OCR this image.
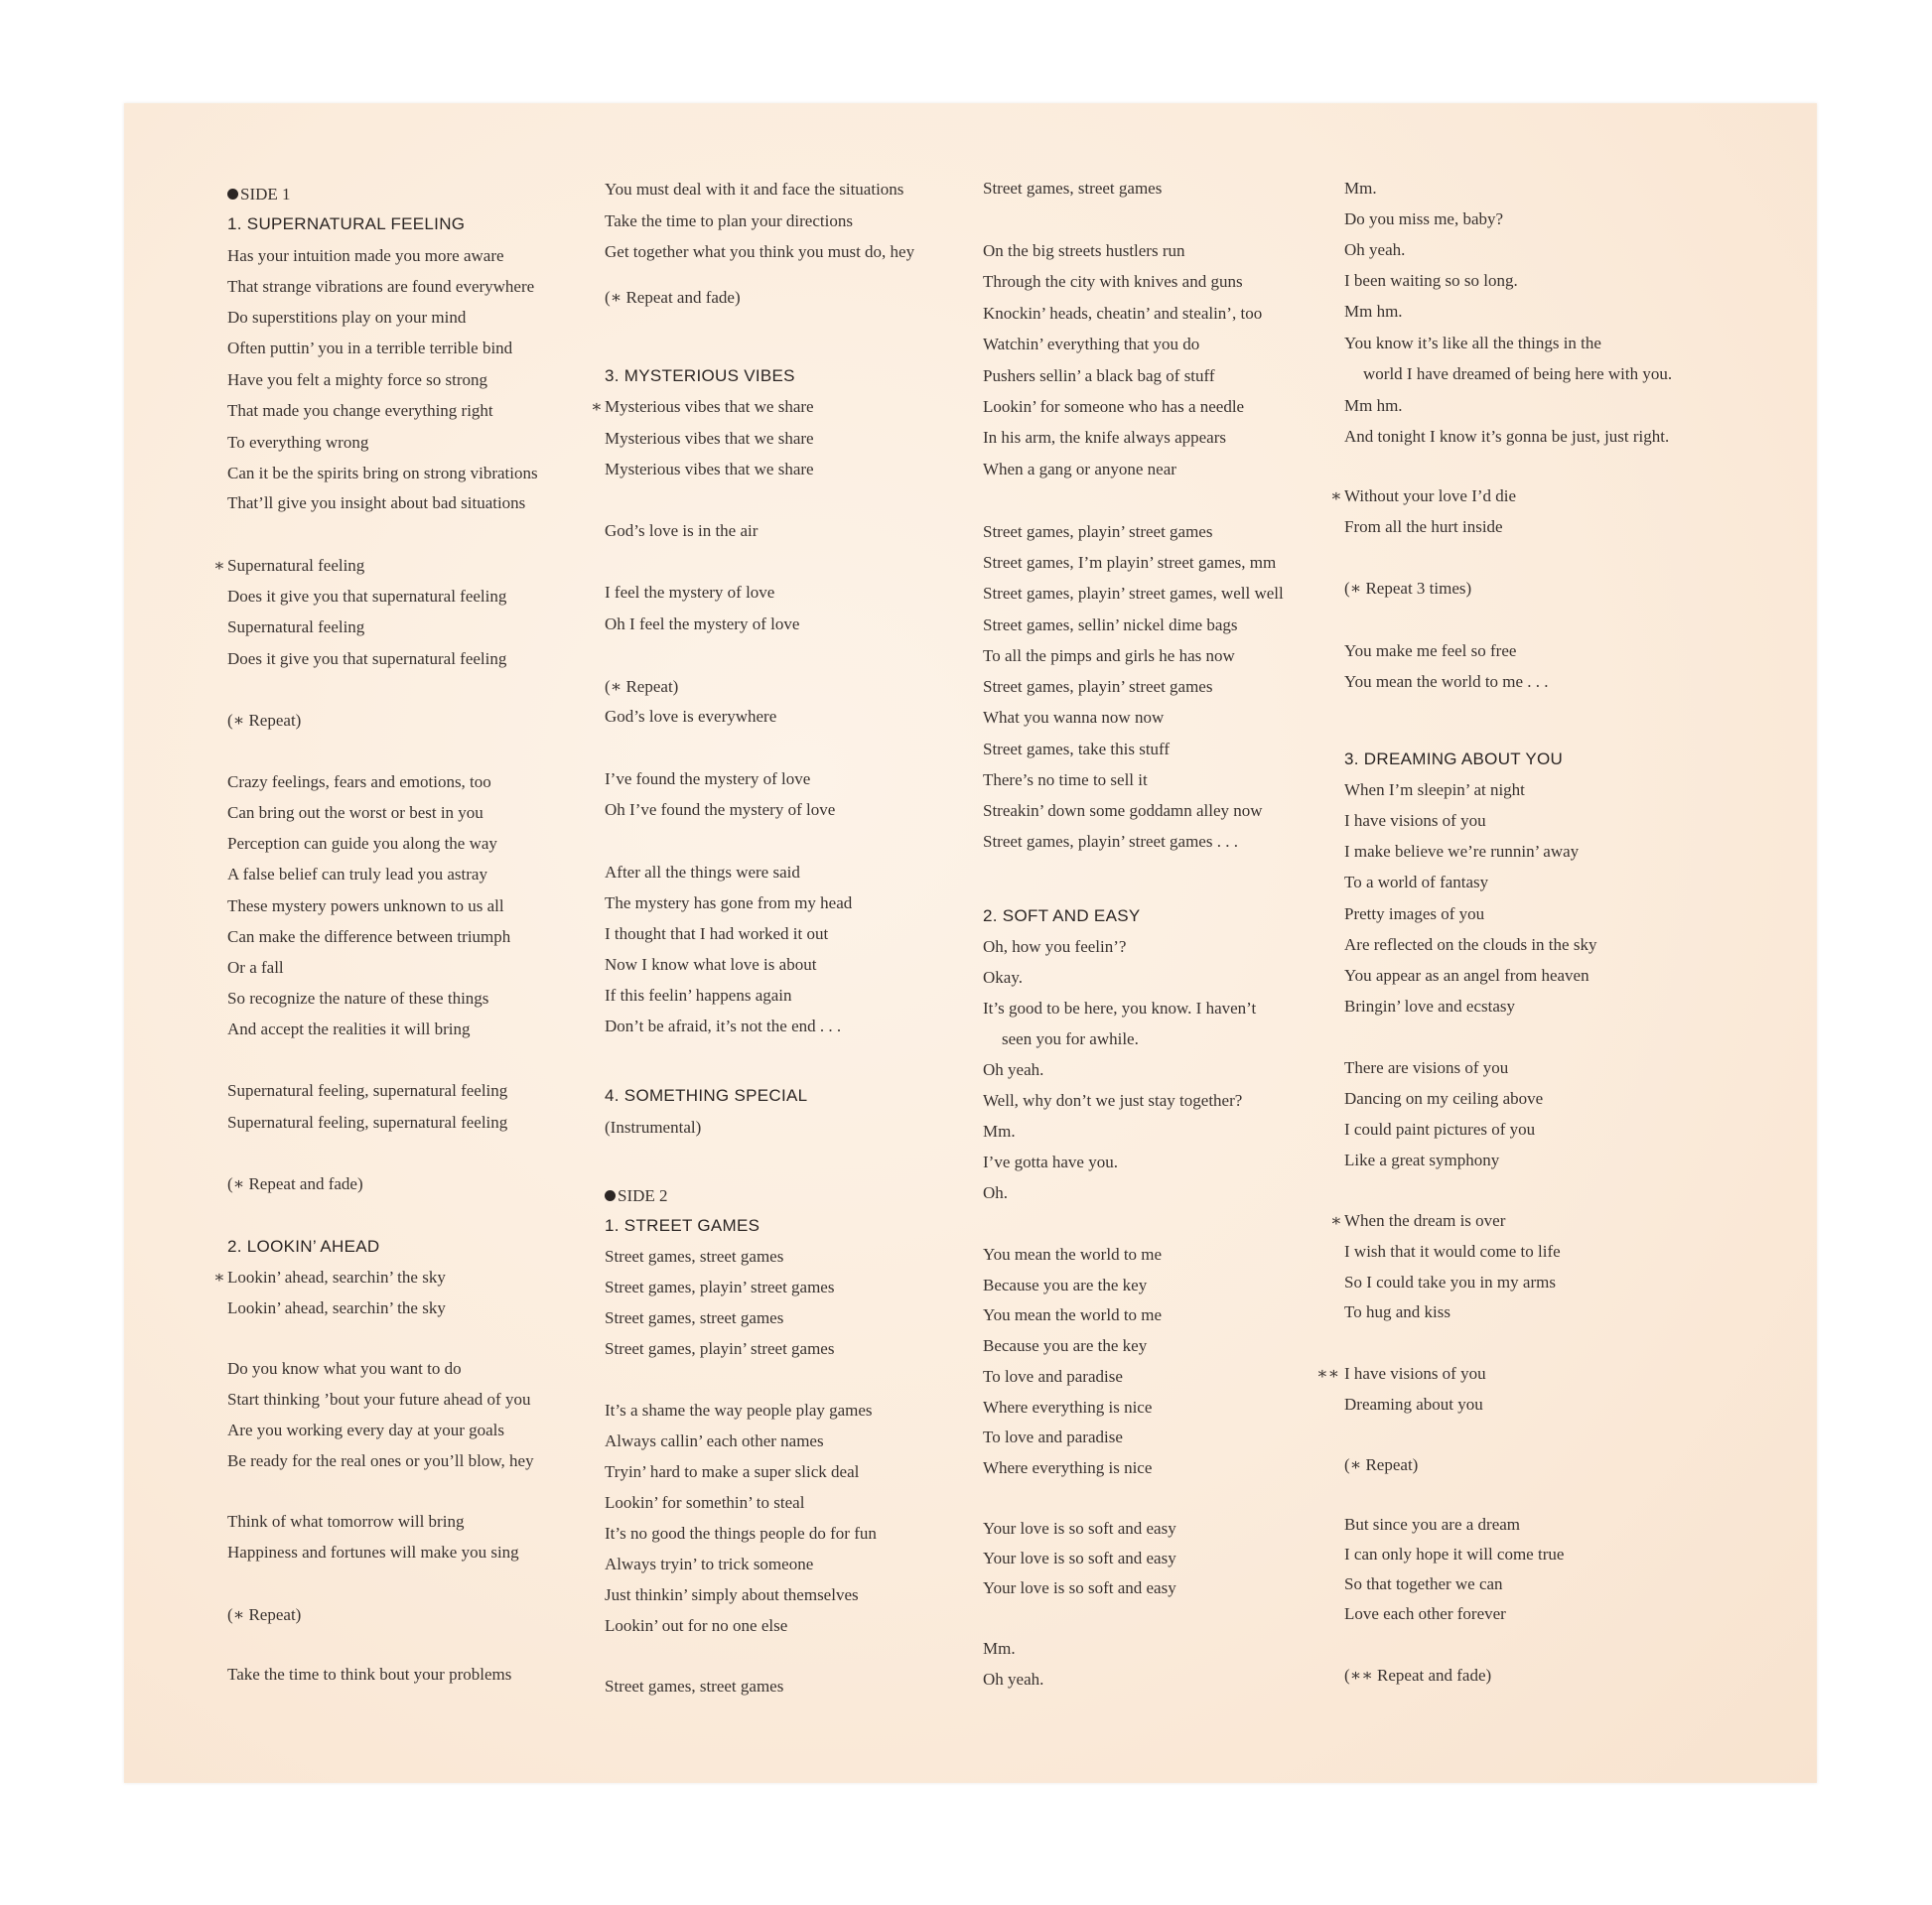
SIDE 1
1. SUPERNATURAL FEELING
Has your intuition made you more aware
That strange vibrations are found everywhere
Do superstitions play on your mind
Often puttin’ you in a terrible terrible bind
Have you felt a mighty force so strong
That made you change everything right
To everything wrong
Can it be the spirits bring on strong vibrations
That’ll give you insight about bad situations
Supernatural feeling
∗
Does it give you that supernatural feeling
Supernatural feeling
Does it give you that supernatural feeling
(∗ Repeat)
Crazy feelings, fears and emotions, too
Can bring out the worst or best in you
Perception can guide you along the way
A false belief can truly lead you astray
These mystery powers unknown to us all
Can make the difference between triumph
Or a fall
So recognize the nature of these things
And accept the realities it will bring
Supernatural feeling, supernatural feeling
Supernatural feeling, supernatural feeling
(∗ Repeat and fade)
2. LOOKIN’ AHEAD
Lookin’ ahead, searchin’ the sky
∗
Lookin’ ahead, searchin’ the sky
Do you know what you want to do
Start thinking ’bout your future ahead of you
Are you working every day at your goals
Be ready for the real ones or you’ll blow, hey
Think of what tomorrow will bring
Happiness and fortunes will make you sing
(∗ Repeat)
Take the time to think bout your problems
You must deal with it and face the situations
Take the time to plan your directions
Get together what you think you must do, hey
(∗ Repeat and fade)
3. MYSTERIOUS VIBES
Mysterious vibes that we share
∗
Mysterious vibes that we share
Mysterious vibes that we share
God’s love is in the air
I feel the mystery of love
Oh I feel the mystery of love
(∗ Repeat)
God’s love is everywhere
I’ve found the mystery of love
Oh I’ve found the mystery of love
After all the things were said
The mystery has gone from my head
I thought that I had worked it out
Now I know what love is about
If this feelin’ happens again
Don’t be afraid, it’s not the end . . .
4. SOMETHING SPECIAL
(Instrumental)
SIDE 2
1. STREET GAMES
Street games, street games
Street games, playin’ street games
Street games, street games
Street games, playin’ street games
It’s a shame the way people play games
Always callin’ each other names
Tryin’ hard to make a super slick deal
Lookin’ for somethin’ to steal
It’s no good the things people do for fun
Always tryin’ to trick someone
Just thinkin’ simply about themselves
Lookin’ out for no one else
Street games, street games
Street games, street games
On the big streets hustlers run
Through the city with knives and guns
Knockin’ heads, cheatin’ and stealin’, too
Watchin’ everything that you do
Pushers sellin’ a black bag of stuff
Lookin’ for someone who has a needle
In his arm, the knife always appears
When a gang or anyone near
Street games, playin’ street games
Street games, I’m playin’ street games, mm
Street games, playin’ street games, well well
Street games, sellin’ nickel dime bags
To all the pimps and girls he has now
Street games, playin’ street games
What you wanna now now
Street games, take this stuff
There’s no time to sell it
Streakin’ down some goddamn alley now
Street games, playin’ street games . . .
2. SOFT AND EASY
Oh, how you feelin’?
Okay.
It’s good to be here, you know. I haven’t
seen you for awhile.
Oh yeah.
Well, why don’t we just stay together?
Mm.
I’ve gotta have you.
Oh.
You mean the world to me
Because you are the key
You mean the world to me
Because you are the key
To love and paradise
Where everything is nice
To love and paradise
Where everything is nice
Your love is so soft and easy
Your love is so soft and easy
Your love is so soft and easy
Mm.
Oh yeah.
Mm.
Do you miss me, baby?
Oh yeah.
I been waiting so so long.
Mm hm.
You know it’s like all the things in the
world I have dreamed of being here with you.
Mm hm.
And tonight I know it’s gonna be just, just right.
Without your love I’d die
∗
From all the hurt inside
(∗ Repeat 3 times)
You make me feel so free
You mean the world to me . . .
3. DREAMING ABOUT YOU
When I’m sleepin’ at night
I have visions of you
I make believe we’re runnin’ away
To a world of fantasy
Pretty images of you
Are reflected on the clouds in the sky
You appear as an angel from heaven
Bringin’ love and ecstasy
There are visions of you
Dancing on my ceiling above
I could paint pictures of you
Like a great symphony
When the dream is over
∗
I wish that it would come to life
So I could take you in my arms
To hug and kiss
I have visions of you
∗∗
Dreaming about you
(∗ Repeat)
But since you are a dream
I can only hope it will come true
So that together we can
Love each other forever
(∗∗ Repeat and fade)
